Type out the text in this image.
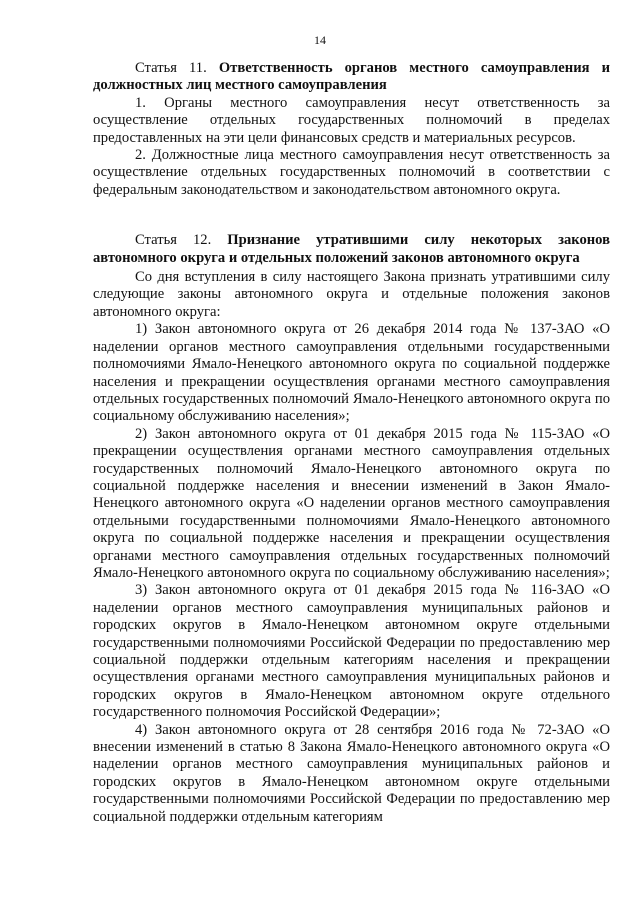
14

Статья 11. Ответственность органов местного самоуправления и должностных лиц местного самоуправления

1. Органы местного самоуправления несут ответственность за осуществление отдельных государственных полномочий в пределах предоставленных на эти цели финансовых средств и материальных ресурсов.

2. Должностные лица местного самоуправления несут ответственность за осуществление отдельных государственных полномочий в соответствии с федеральным законодательством и законодательством автономного округа.

Статья 12. Признание утратившими силу некоторых законов автономного округа и отдельных положений законов автономного округа

Со дня вступления в силу настоящего Закона признать утратившими силу следующие законы автономного округа и отдельные положения законов автономного округа:

1) Закон автономного округа от 26 декабря 2014 года № 137-ЗАО «О наделении органов местного самоуправления отдельными государственными полномочиями Ямало-Ненецкого автономного округа по социальной поддержке населения и прекращении осуществления органами местного самоуправления отдельных государственных полномочий Ямало-Ненецкого автономного округа по социальному обслуживанию населения»;

2) Закон автономного округа от 01 декабря 2015 года № 115-ЗАО «О прекращении осуществления органами местного самоуправления отдельных государственных полномочий Ямало-Ненецкого автономного округа по социальной поддержке населения и внесении изменений в Закон Ямало-Ненецкого автономного округа «О наделении органов местного самоуправления отдельными государственными полномочиями Ямало-Ненецкого автономного округа по социальной поддержке населения и прекращении осуществления органами местного самоуправления отдельных государственных полномочий Ямало-Ненецкого автономного округа по социальному обслуживанию населения»;

3) Закон автономного округа от 01 декабря 2015 года № 116-ЗАО «О наделении органов местного самоуправления муниципальных районов и городских округов в Ямало-Ненецком автономном округе отдельными государственными полномочиями Российской Федерации по предоставлению мер социальной поддержки отдельным категориям населения и прекращении осуществления органами местного самоуправления муниципальных районов и городских округов в Ямало-Ненецком автономном округе отдельного государственного полномочия Российской Федерации»;

4) Закон автономного округа от 28 сентября 2016 года № 72-ЗАО «О внесении изменений в статью 8 Закона Ямало-Ненецкого автономного округа «О наделении органов местного самоуправления муниципальных районов и городских округов в Ямало-Ненецком автономном округе отдельными государственными полномочиями Российской Федерации по предоставлению мер социальной поддержки отдельным категориям
